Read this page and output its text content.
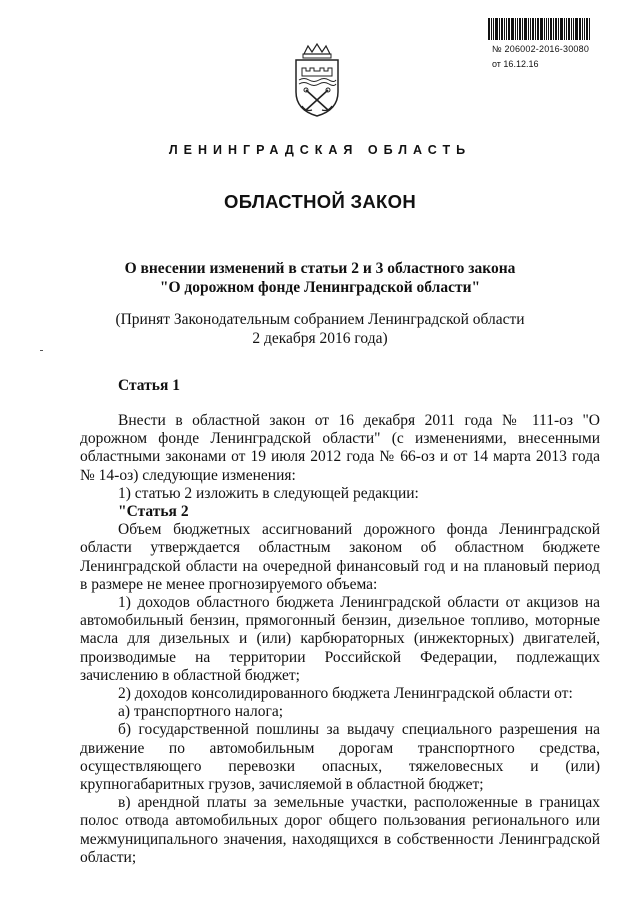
№ 206002-2016-30080
от 16.12.16
ЛЕНИНГРАДСКАЯ ОБЛАСТЬ
ОБЛАСТНОЙ ЗАКОН
О внесении изменений в статьи 2 и 3 областного закона
"О дорожном фонде Ленинградской области"
(Принят Законодательным собранием Ленинградской области
2 декабря 2016 года)
Статья 1

Внести в областной закон от 16 декабря 2011 года № 111-оз "О дорожном фонде Ленинградской области" (с изменениями, внесенными областными законами от 19 июля 2012 года № 66-оз и от 14 марта 2013 года № 14-оз) следующие изменения:

1) статью 2 изложить в следующей редакции:

"Статья 2

Объем бюджетных ассигнований дорожного фонда Ленинградской области утверждается областным законом об областном бюджете Ленинградской области на очередной финансовый год и на плановый период в размере не менее прогнозируемого объема:

1) доходов областного бюджета Ленинградской области от акцизов на автомобильный бензин, прямогонный бензин, дизельное топливо, моторные масла для дизельных и (или) карбюраторных (инжекторных) двигателей, производимые на территории Российской Федерации, подлежащих зачислению в областной бюджет;

2) доходов консолидированного бюджета Ленинградской области от:

а) транспортного налога;

б) государственной пошлины за выдачу специального разрешения на движение по автомобильным дорогам транспортного средства, осуществляющего перевозки опасных, тяжеловесных и (или) крупногабаритных грузов, зачисляемой в областной бюджет;

в) арендной платы за земельные участки, расположенные в границах полос отвода автомобильных дорог общего пользования регионального или межмуниципального значения, находящихся в собственности Ленинградской области;
